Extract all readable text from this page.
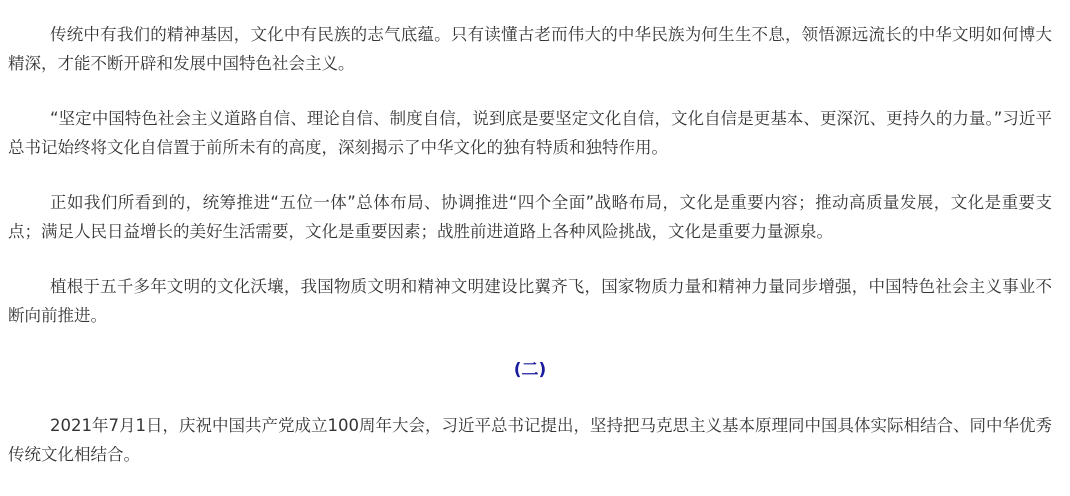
传统中有我们的精神基因，文化中有民族的志气底蕴。只有读懂古老而伟大的中华民族为何生生不息，领悟源远流长的中华文明如何博大精深，才能不断开辟和发展中国特色社会主义。

“坚定中国特色社会主义道路自信、理论自信、制度自信，说到底是要坚定文化自信，文化自信是更基本、更深沉、更持久的力量。”习近平总书记始终将文化自信置于前所未有的高度，深刻揭示了中华文化的独有特质和独特作用。

正如我们所看到的，统筹推进“五位一体”总体布局、协调推进“四个全面”战略布局，文化是重要内容；推动高质量发展，文化是重要支点；满足人民日益增长的美好生活需要，文化是重要因素；战胜前进道路上各种风险挑战，文化是重要力量源泉。

植根于五千多年文明的文化沃壤，我国物质文明和精神文明建设比翼齐飞，国家物质力量和精神力量同步增强，中国特色社会主义事业不断向前推进。

(二)

2021年7月1日，庆祝中国共产党成立100周年大会，习近平总书记提出，坚持把马克思主义基本原理同中国具体实际相结合、同中华优秀传统文化相结合。
